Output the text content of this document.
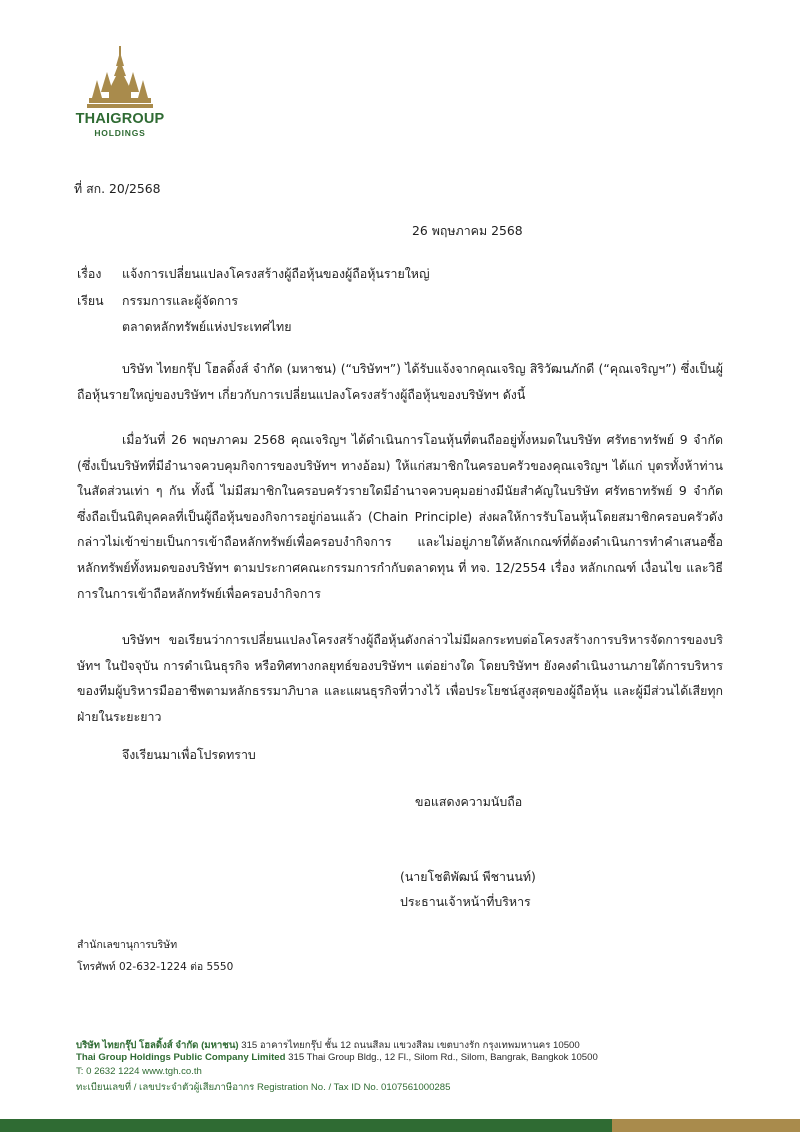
THAIGROUP
HOLDINGS
ที่ สก. 20/2568
26 พฤษภาคม 2568
เรื่อง แจ้งการเปลี่ยนแปลงโครงสร้างผู้ถือหุ้นของผู้ถือหุ้นรายใหญ่
เรียน กรรมการและผู้จัดการ
ตลาดหลักทรัพย์แห่งประเทศไทย
บริษัท ไทยกรุ๊ป โฮลดิ้งส์ จำกัด (มหาชน) (“บริษัทฯ”) ได้รับแจ้งจากคุณเจริญ สิริวัฒนภักดี (“คุณเจริญฯ”) ซึ่งเป็นผู้ถือหุ้นรายใหญ่ของบริษัทฯ เกี่ยวกับการเปลี่ยนแปลงโครงสร้างผู้ถือหุ้นของบริษัทฯ ดังนี้
เมื่อวันที่ 26 พฤษภาคม 2568 คุณเจริญฯ ได้ดำเนินการโอนหุ้นที่ตนถืออยู่ทั้งหมดในบริษัท ศรัทธาทรัพย์ 9 จำกัด (ซึ่งเป็นบริษัทที่มีอำนาจควบคุมกิจการของบริษัทฯ ทางอ้อม) ให้แก่สมาชิกในครอบครัวของคุณเจริญฯ ได้แก่ บุตรทั้งห้าท่าน ในสัดส่วนเท่า ๆ กัน ทั้งนี้ ไม่มีสมาชิกในครอบครัวรายใดมีอำนาจควบคุมอย่างมีนัยสำคัญในบริษัท ศรัทธาทรัพย์ 9 จำกัด ซึ่งถือเป็นนิติบุคคลที่เป็นผู้ถือหุ้นของกิจการอยู่ก่อนแล้ว (Chain Principle) ส่งผลให้การรับโอนหุ้นโดยสมาชิกครอบครัวดังกล่าวไม่เข้าข่ายเป็นการเข้าถือหลักทรัพย์เพื่อครอบงำกิจการ และไม่อยู่ภายใต้หลักเกณฑ์ที่ต้องดำเนินการทำคำเสนอซื้อหลักทรัพย์ทั้งหมดของบริษัทฯ ตามประกาศคณะกรรมการกำกับตลาดทุน ที่ ทจ. 12/2554 เรื่อง หลักเกณฑ์ เงื่อนไข และวิธีการในการเข้าถือหลักทรัพย์เพื่อครอบงำกิจการ
บริษัทฯ ขอเรียนว่าการเปลี่ยนแปลงโครงสร้างผู้ถือหุ้นดังกล่าวไม่มีผลกระทบต่อโครงสร้างการบริหารจัดการของบริษัทฯ ในปัจจุบัน การดำเนินธุรกิจ หรือทิศทางกลยุทธ์ของบริษัทฯ แต่อย่างใด โดยบริษัทฯ ยังคงดำเนินงานภายใต้การบริหารของทีมผู้บริหารมืออาชีพตามหลักธรรมาภิบาล และแผนธุรกิจที่วางไว้ เพื่อประโยชน์สูงสุดของผู้ถือหุ้น และผู้มีส่วนได้เสียทุกฝ่ายในระยะยาว
จึงเรียนมาเพื่อโปรดทราบ
ขอแสดงความนับถือ
(นายโชติพัฒน์ พีชานนท์)
ประธานเจ้าหน้าที่บริหาร
สำนักเลขานุการบริษัท
โทรศัพท์ 02-632-1224 ต่อ 5550
บริษัท ไทยกรุ๊ป โฮลดิ้งส์ จำกัด (มหาชน) 315 อาคารไทยกรุ๊ป ชั้น 12 ถนนสีลม แขวงสีลม เขตบางรัก กรุงเทพมหานคร 10500
Thai Group Holdings Public Company Limited 315 Thai Group Bldg., 12 Fl., Silom Rd., Silom, Bangrak, Bangkok 10500
T: 0 2632 1224 www.tgh.co.th
ทะเบียนเลขที่ / เลขประจำตัวผู้เสียภาษีอากร Registration No. / Tax ID No. 0107561000285
